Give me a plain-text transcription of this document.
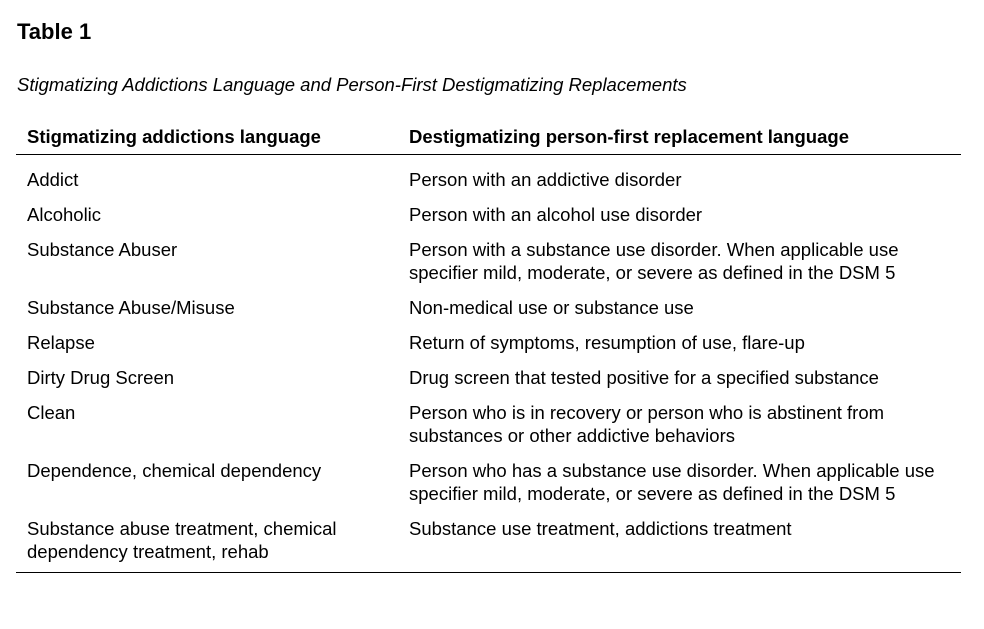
Table 1

Stigmatizing Addictions Language and Person-First Destigmatizing Replacements

Stigmatizing addictions language	Destigmatizing person-first replacement language
Addict	Person with an addictive disorder
Alcoholic	Person with an alcohol use disorder
Substance Abuser	Person with a substance use disorder. When applicable use specifier mild, moderate, or severe as defined in the DSM 5
Substance Abuse/Misuse	Non-medical use or substance use
Relapse	Return of symptoms, resumption of use, flare-up
Dirty Drug Screen	Drug screen that tested positive for a specified substance
Clean	Person who is in recovery or person who is abstinent from substances or other addictive behaviors
Dependence, chemical dependency	Person who has a substance use disorder. When applicable use specifier mild, moderate, or severe as defined in the DSM 5
Substance abuse treatment, chemical dependency treatment, rehab	Substance use treatment, addictions treatment
